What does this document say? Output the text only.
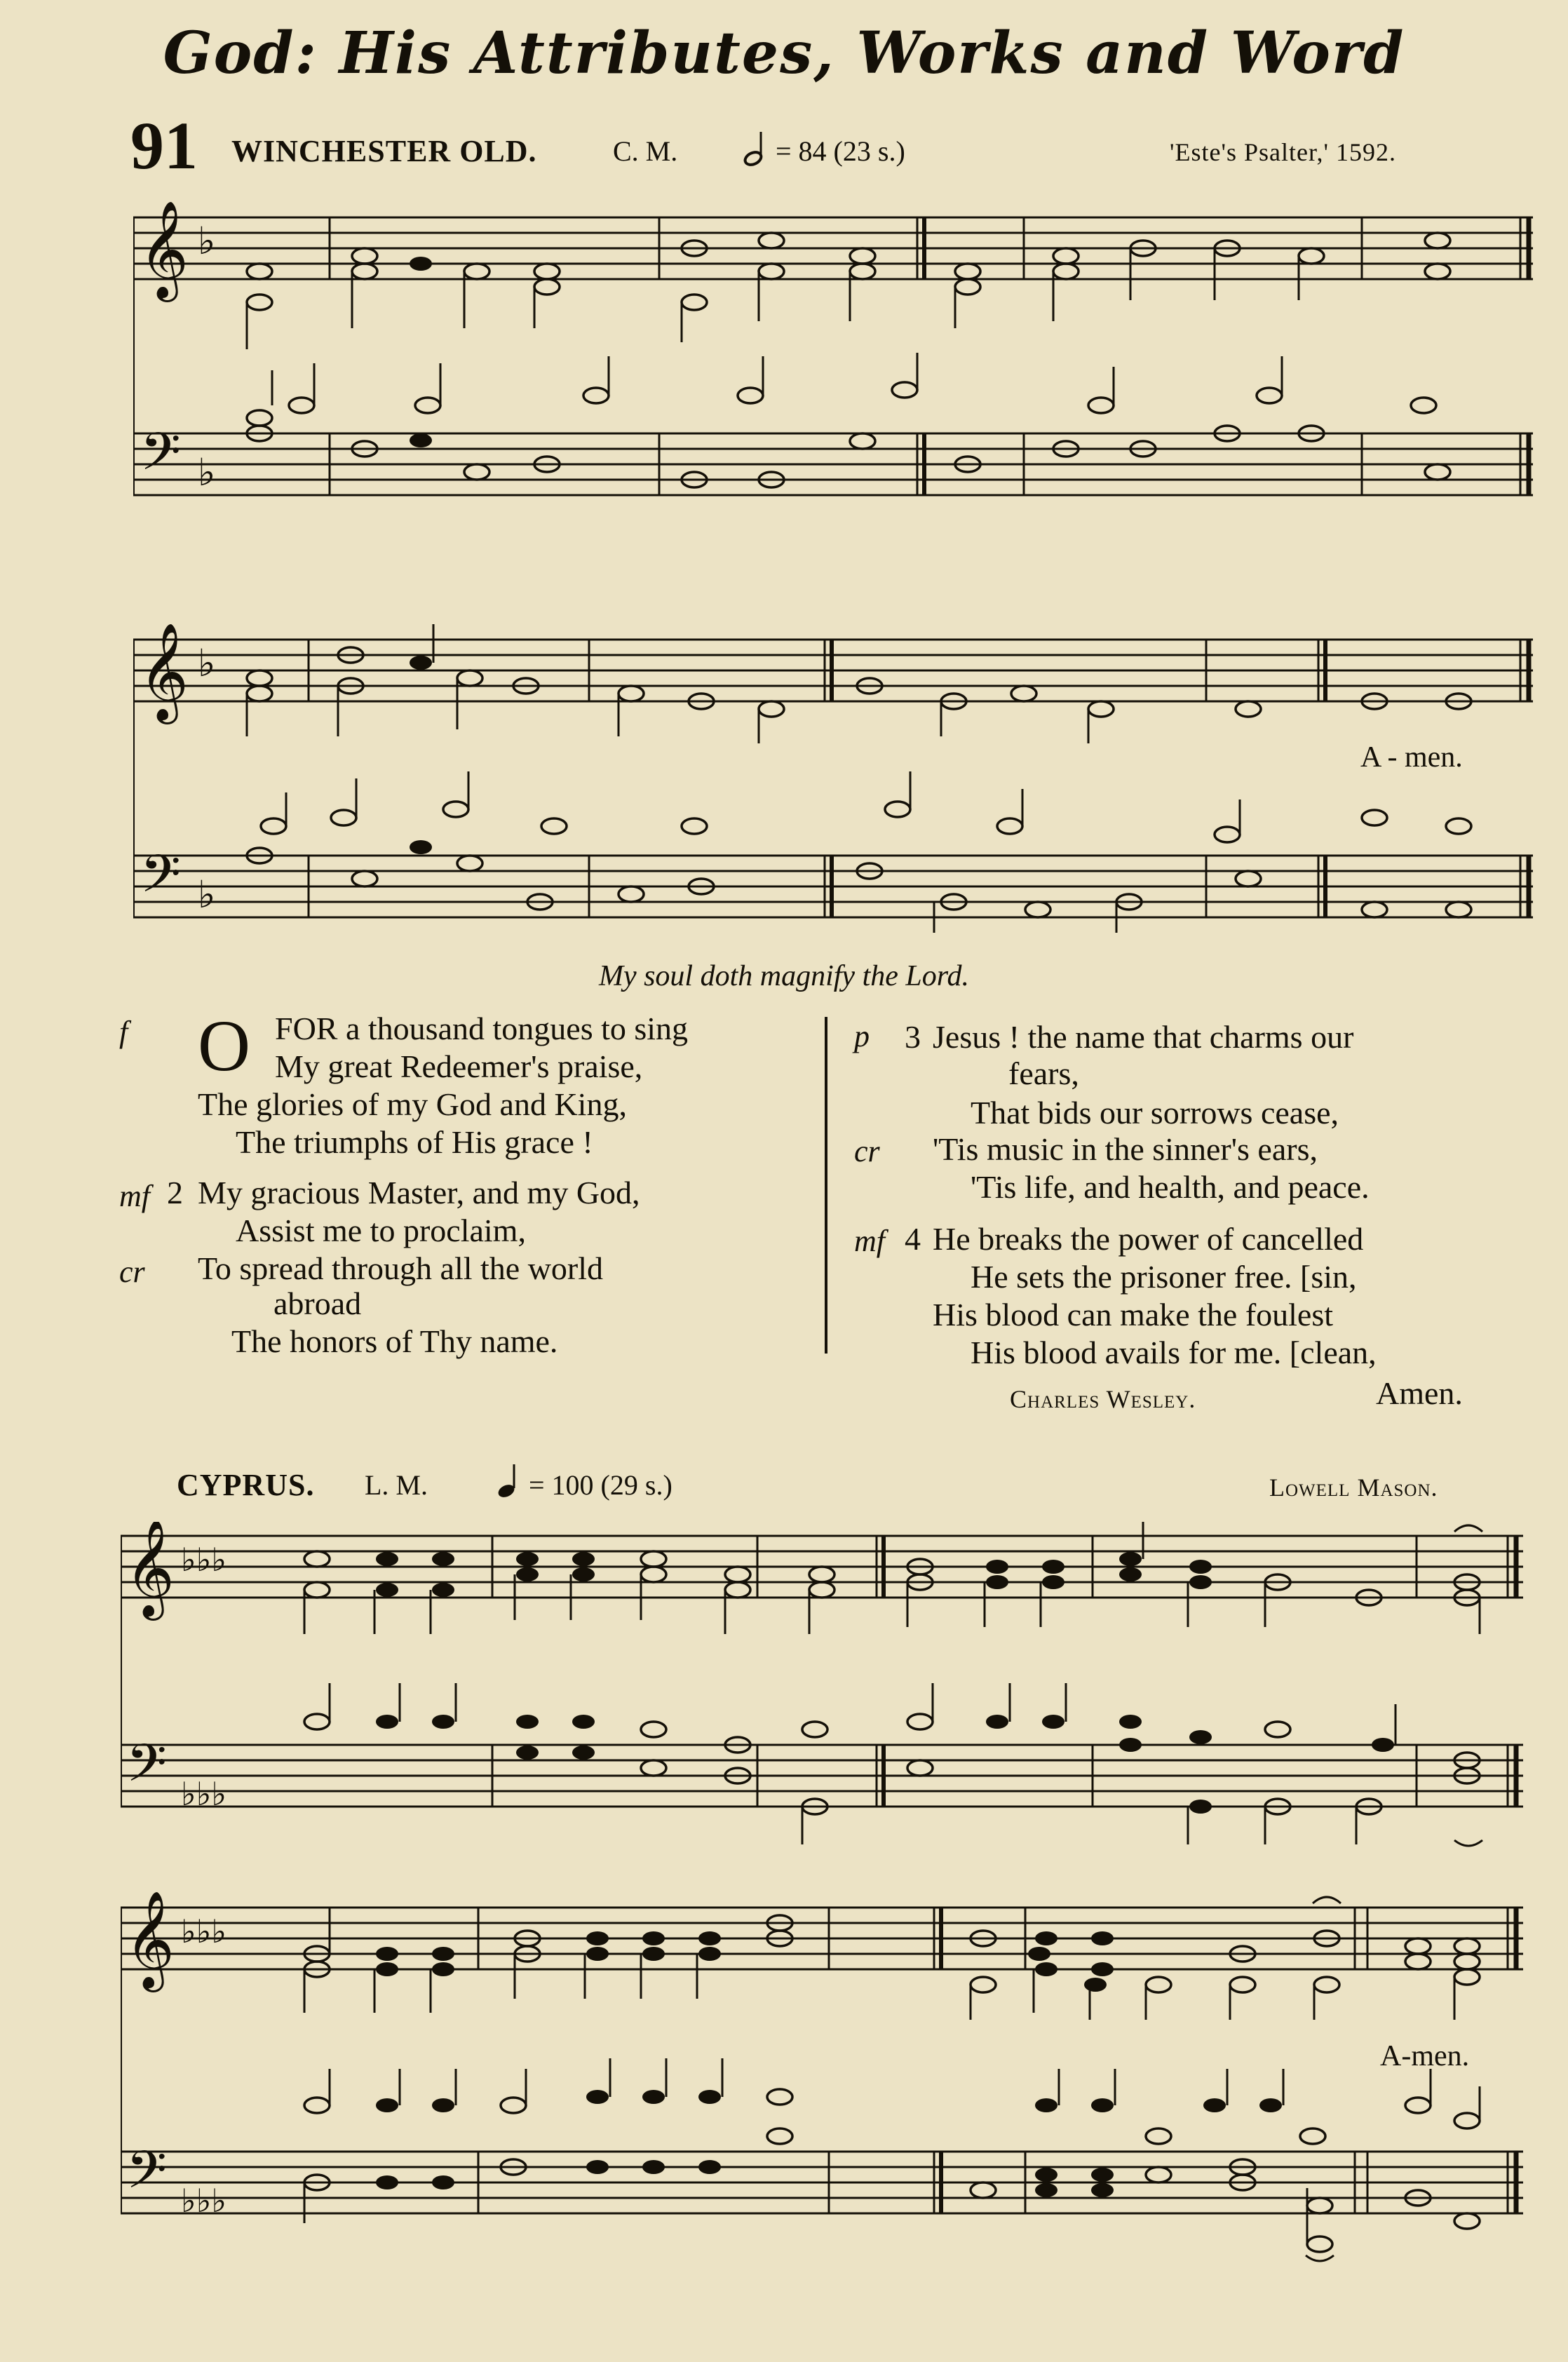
God: His Attributes, Works and Word
91 WINCHESTER OLD.	C. M.	= 84 (23 s.)	'Este's Psalter,' 1592.
𝄞 ♭
𝄢 ♭
𝄞 ♭
𝄢 ♭
A - men.
My soul doth magnify the Lord.
f O FOR a thousand tongues to sing
My great Redeemer's praise,
The glories of my God and King,
The triumphs of His grace !
mf 2 My gracious Master, and my God,
Assist me to proclaim,
cr To spread through all the world
abroad
The honors of Thy name.
p 3 Jesus ! the name that charms our
fears,
That bids our sorrows cease,
cr 'Tis music in the sinner's ears,
'Tis life, and health, and peace.
mf 4 He breaks the power of cancelled
He sets the prisoner free. [sin,
His blood can make the foulest
His blood avails for me. [clean,
Charles Wesley.	Amen.
CYPRUS. L. M.	= 100 (29 s.)	Lowell Mason.
𝄞 ♭♭♭
𝄢 ♭♭♭
𝄞 ♭♭♭
𝄢 ♭♭♭
A-men.
